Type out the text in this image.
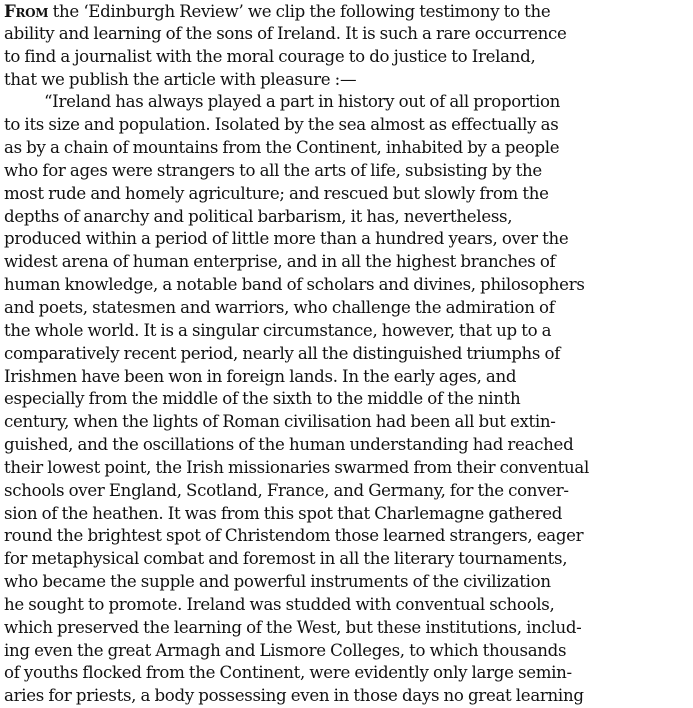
From the ‘Edinburgh Review’ we clip the following testimony to the
ability and learning of the sons of Ireland. It is such a rare occurrence
to find a journalist with the moral courage to do justice to Ireland,
that we publish the article with pleasure :—
“Ireland has always played a part in history out of all proportion
to its size and population. Isolated by the sea almost as effectually as
as by a chain of mountains from the Continent, inhabited by a people
who for ages were strangers to all the arts of life, subsisting by the
most rude and homely agriculture; and rescued but slowly from the
depths of anarchy and political barbarism, it has, nevertheless,
produced within a period of little more than a hundred years, over the
widest arena of human enterprise, and in all the highest branches of
human knowledge, a notable band of scholars and divines, philosophers
and poets, statesmen and warriors, who challenge the admiration of
the whole world. It is a singular circumstance, however, that up to a
comparatively recent period, nearly all the distinguished triumphs of
Irishmen have been won in foreign lands. In the early ages, and
especially from the middle of the sixth to the middle of the ninth
century, when the lights of Roman civilisation had been all but extin-
guished, and the oscillations of the human understanding had reached
their lowest point, the Irish missionaries swarmed from their conventual
schools over England, Scotland, France, and Germany, for the conver-
sion of the heathen. It was from this spot that Charlemagne gathered
round the brightest spot of Christendom those learned strangers, eager
for metaphysical combat and foremost in all the literary tournaments,
who became the supple and powerful instruments of the civilization
he sought to promote. Ireland was studded with conventual schools,
which preserved the learning of the West, but these institutions, includ-
ing even the great Armagh and Lismore Colleges, to which thousands
of youths flocked from the Continent, were evidently only large semin-
aries for priests, a body possessing even in those days no great learning
